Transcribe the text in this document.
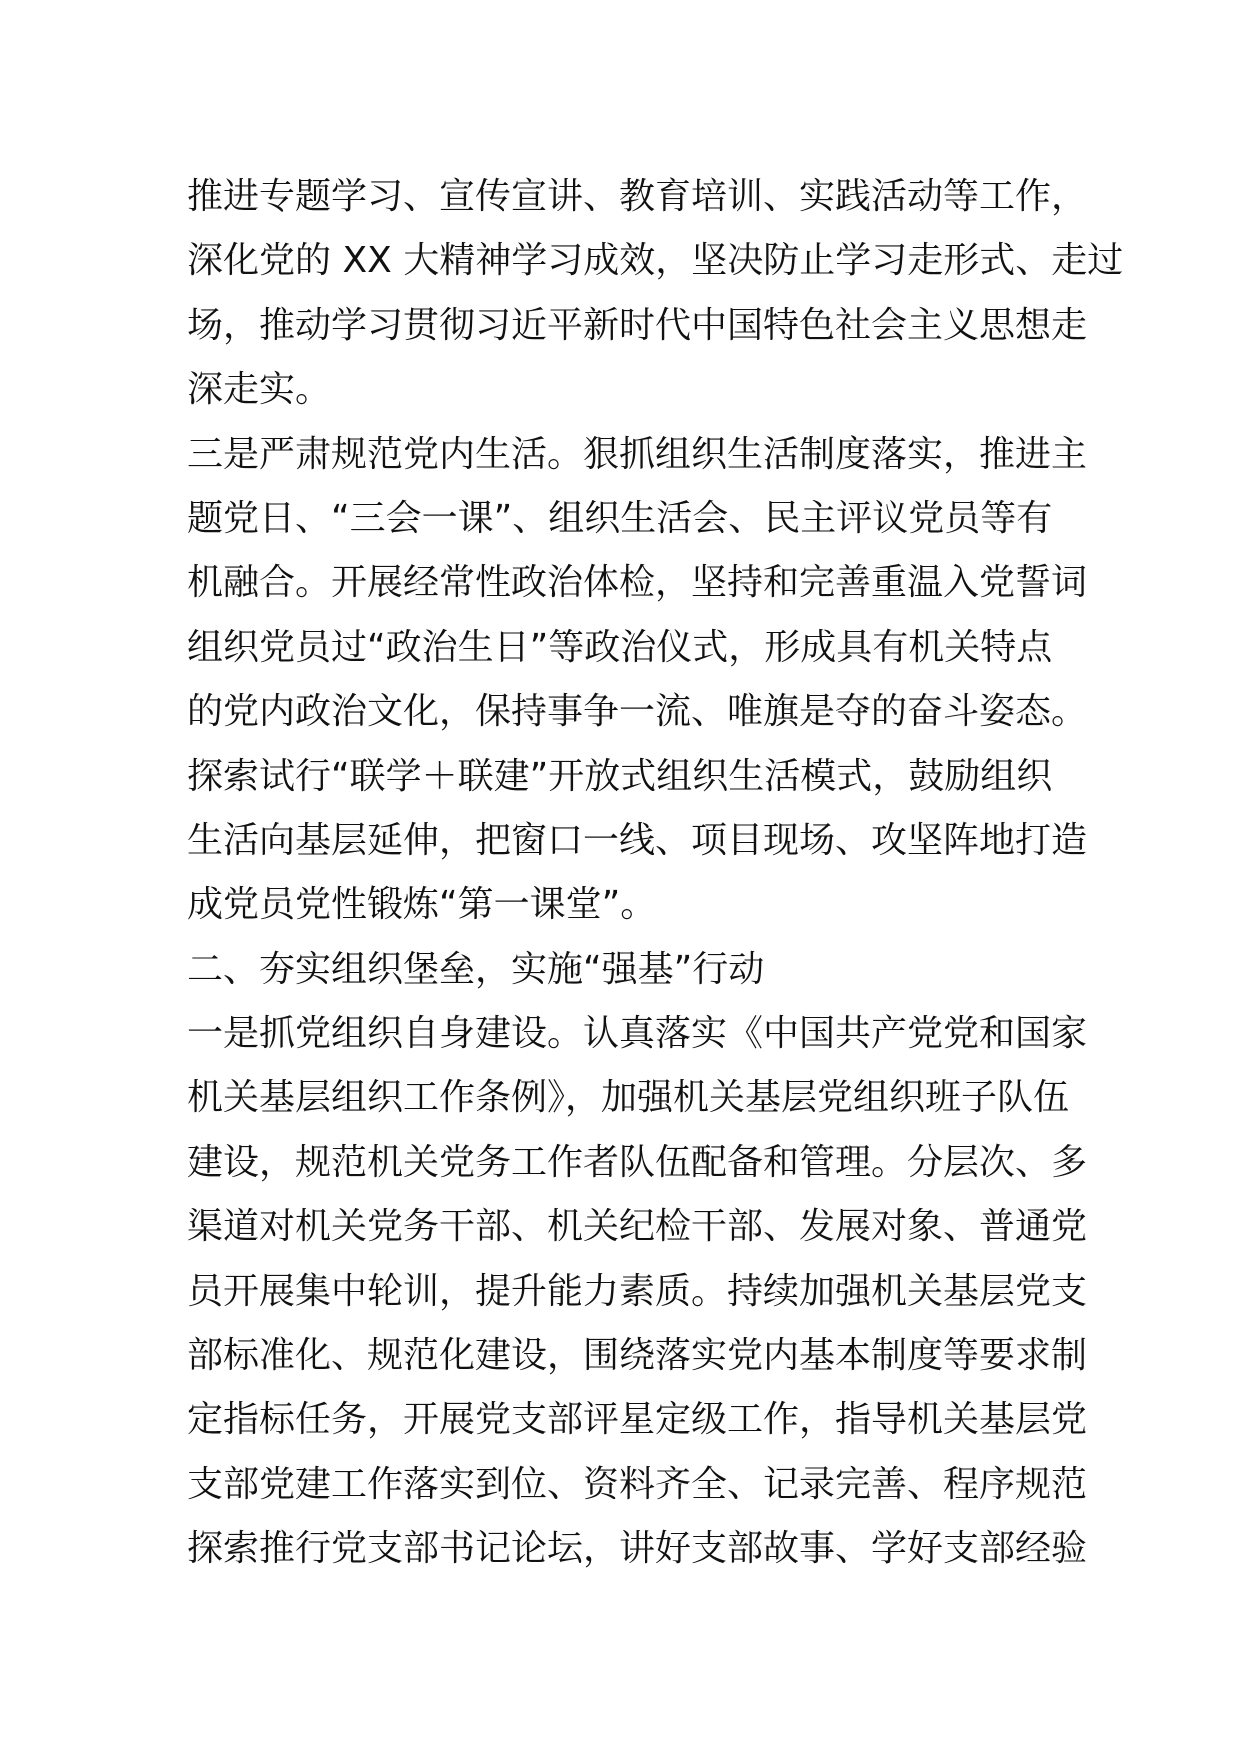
推进专题学习、宣传宣讲、教育培训、实践活动等工作，
深化党的 XX 大精神学习成效，坚决防止学习走形式、走过
场，推动学习贯彻习近平新时代中国特色社会主义思想走
深走实。
三是严肃规范党内生活。狠抓组织生活制度落实，推进主
题党日、“三会一课”、组织生活会、民主评议党员等有
机融合。开展经常性政治体检，坚持和完善重温入党誓词
组织党员过“政治生日”等政治仪式，形成具有机关特点
的党内政治文化，保持事争一流、唯旗是夺的奋斗姿态。
探索试行“联学＋联建”开放式组织生活模式，鼓励组织
生活向基层延伸，把窗口一线、项目现场、攻坚阵地打造
成党员党性锻炼“第一课堂”。
二、夯实组织堡垒，实施“强基”行动
一是抓党组织自身建设。认真落实《中国共产党党和国家
机关基层组织工作条例》，加强机关基层党组织班子队伍
建设，规范机关党务工作者队伍配备和管理。分层次、多
渠道对机关党务干部、机关纪检干部、发展对象、普通党
员开展集中轮训，提升能力素质。持续加强机关基层党支
部标准化、规范化建设，围绕落实党内基本制度等要求制
定指标任务，开展党支部评星定级工作，指导机关基层党
支部党建工作落实到位、资料齐全、记录完善、程序规范
探索推行党支部书记论坛，讲好支部故事、学好支部经验
